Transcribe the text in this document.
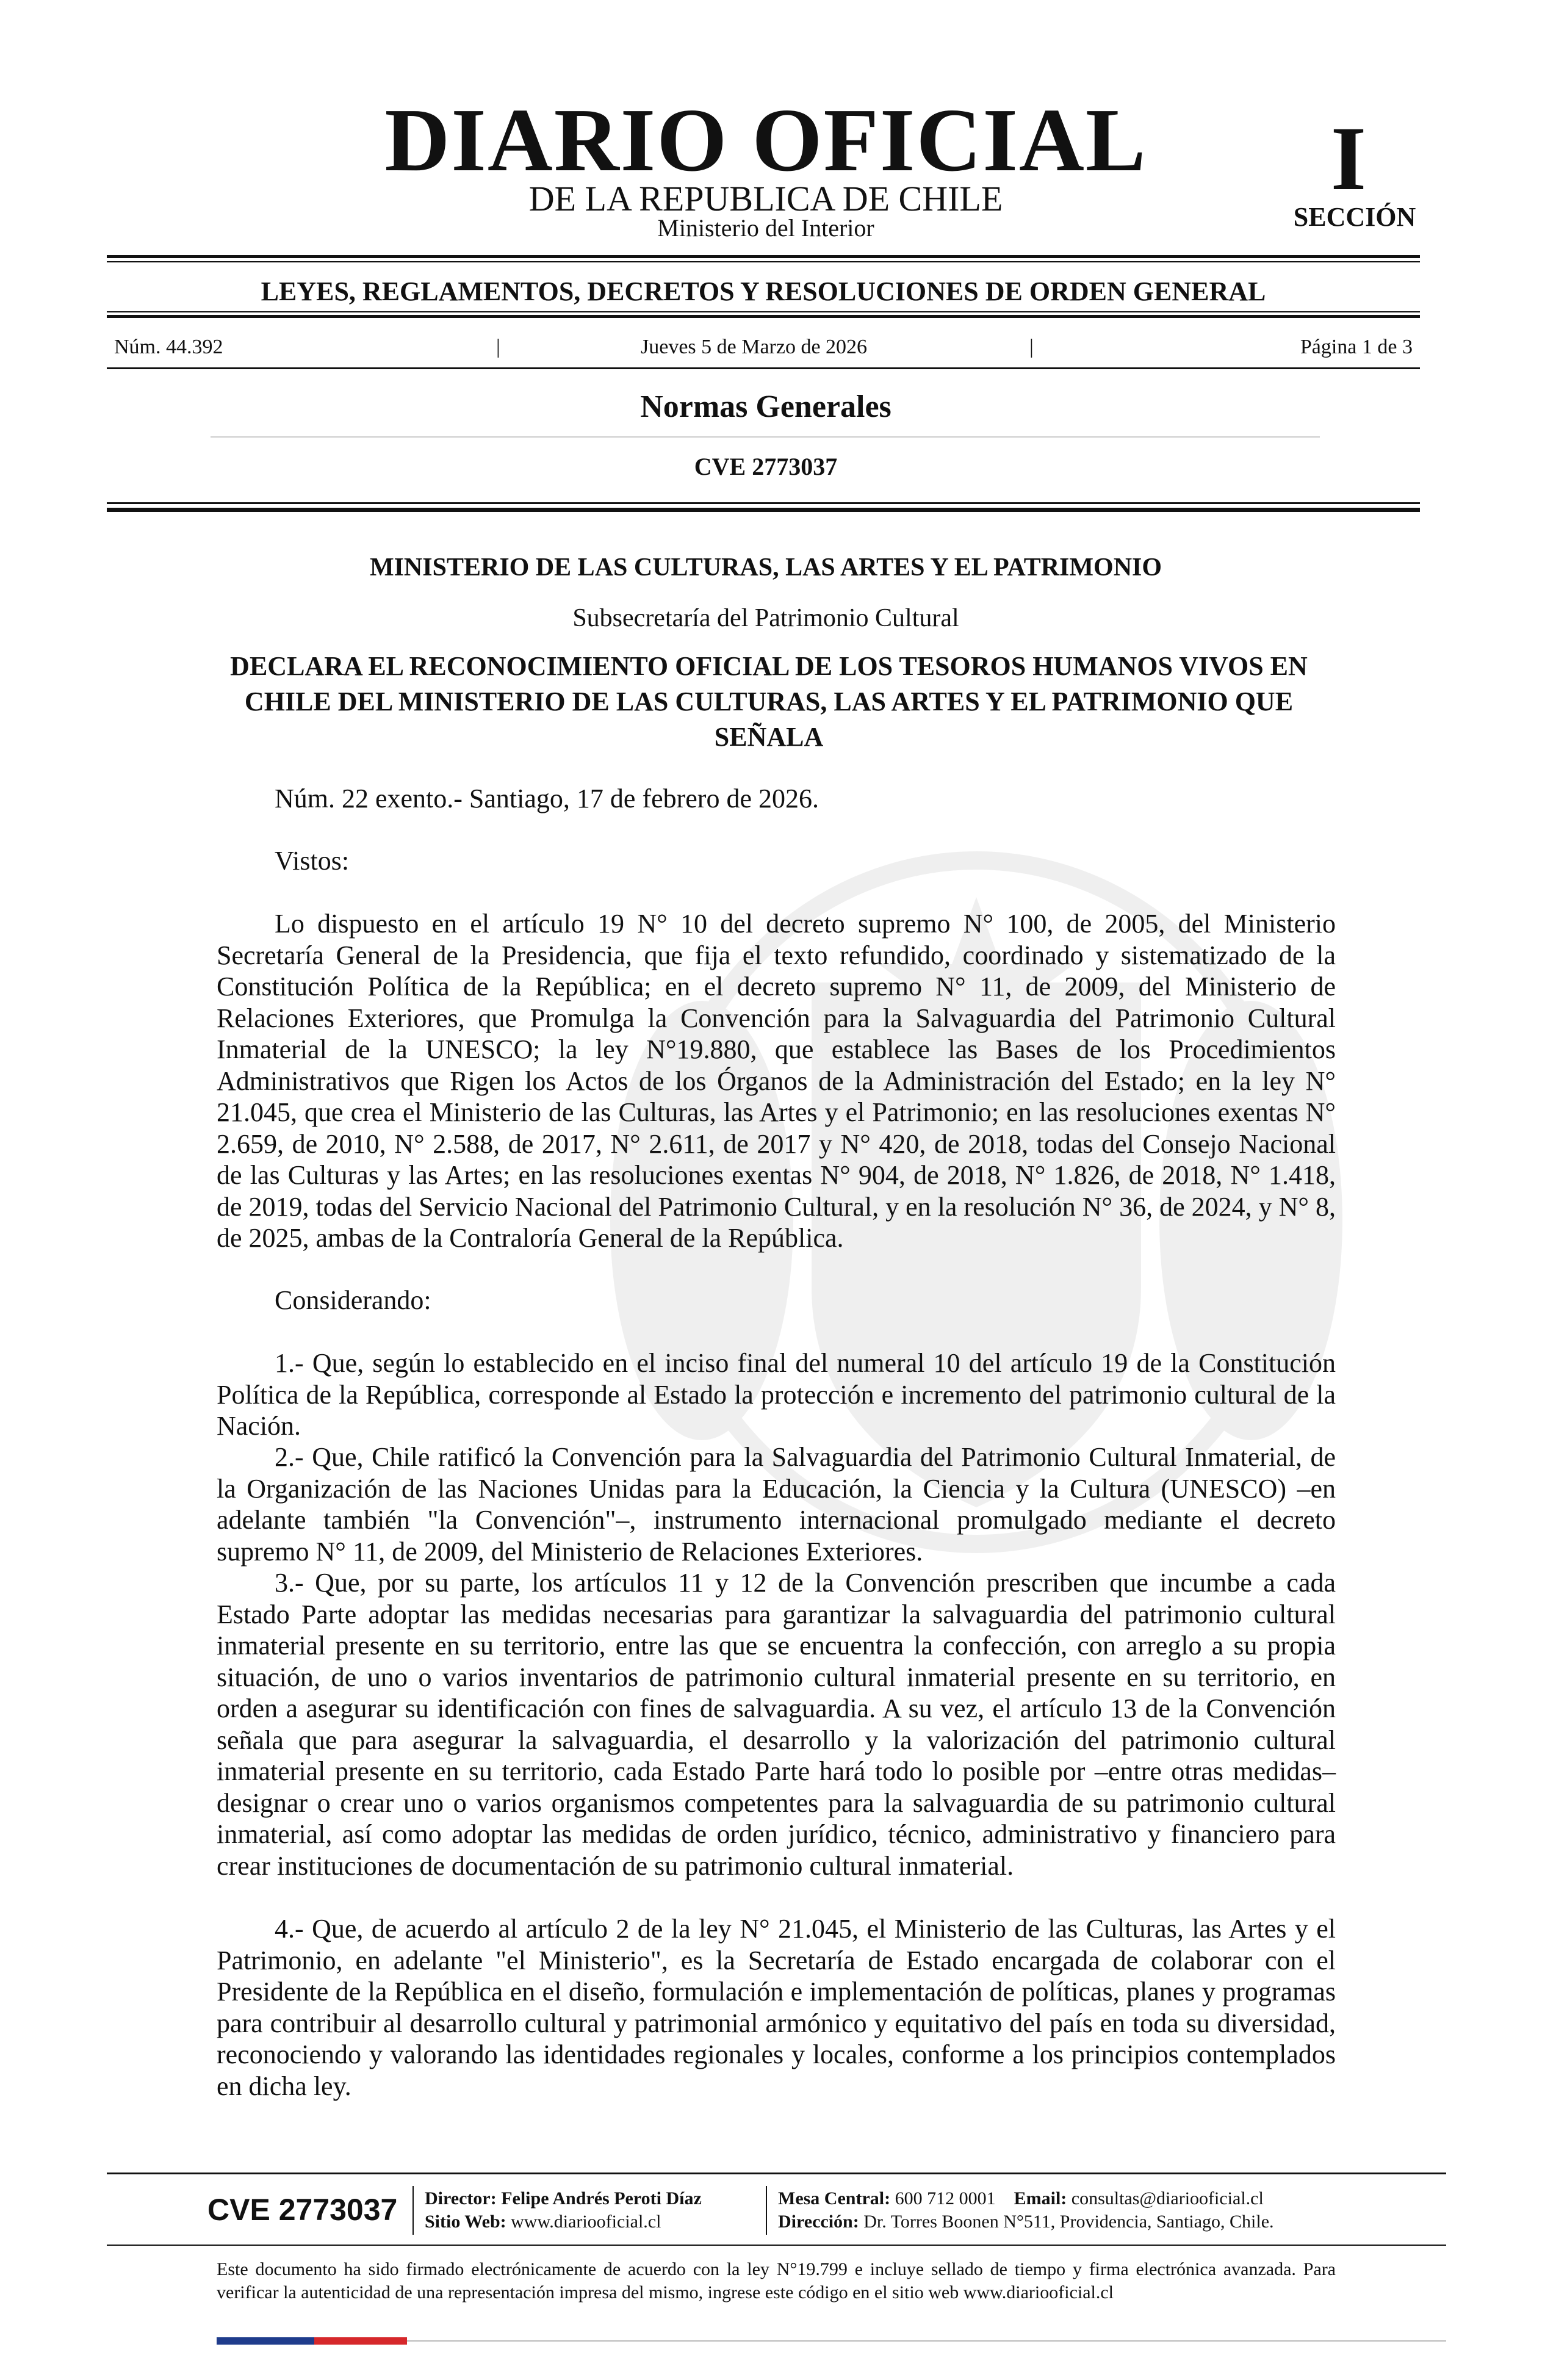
DIARIO OFICIAL
DE LA REPUBLICA DE CHILE
Ministerio del Interior
I
SECCIÓN
LEYES, REGLAMENTOS, DECRETOS Y RESOLUCIONES DE ORDEN GENERAL
Núm. 44.392	|	Jueves 5 de Marzo de 2026	|	Página 1 de 3
Normas Generales
CVE 2773037
MINISTERIO DE LAS CULTURAS, LAS ARTES Y EL PATRIMONIO
Subsecretaría del Patrimonio Cultural
DECLARA EL RECONOCIMIENTO OFICIAL DE LOS TESOROS HUMANOS VIVOS EN CHILE DEL MINISTERIO DE LAS CULTURAS, LAS ARTES Y EL PATRIMONIO QUE SEÑALA
Núm. 22 exento.- Santiago, 17 de febrero de 2026.
Vistos:
Lo dispuesto en el artículo 19 N° 10 del decreto supremo N° 100, de 2005, del Ministerio Secretaría General de la Presidencia, que fija el texto refundido, coordinado y sistematizado de la Constitución Política de la República; en el decreto supremo N° 11, de 2009, del Ministerio de Relaciones Exteriores, que Promulga la Convención para la Salvaguardia del Patrimonio Cultural Inmaterial de la UNESCO; la ley N°19.880, que establece las Bases de los Procedimientos Administrativos que Rigen los Actos de los Órganos de la Administración del Estado; en la ley N° 21.045, que crea el Ministerio de las Culturas, las Artes y el Patrimonio; en las resoluciones exentas N° 2.659, de 2010, N° 2.588, de 2017, N° 2.611, de 2017 y N° 420, de 2018, todas del Consejo Nacional de las Culturas y las Artes; en las resoluciones exentas N° 904, de 2018, N° 1.826, de 2018, N° 1.418, de 2019, todas del Servicio Nacional del Patrimonio Cultural, y en la resolución N° 36, de 2024, y N° 8, de 2025, ambas de la Contraloría General de la República.
Considerando:
1.- Que, según lo establecido en el inciso final del numeral 10 del artículo 19 de la Constitución Política de la República, corresponde al Estado la protección e incremento del patrimonio cultural de la Nación.
2.- Que, Chile ratificó la Convención para la Salvaguardia del Patrimonio Cultural Inmaterial, de la Organización de las Naciones Unidas para la Educación, la Ciencia y la Cultura (UNESCO) –en adelante también "la Convención"–, instrumento internacional promulgado mediante el decreto supremo N° 11, de 2009, del Ministerio de Relaciones Exteriores.
3.- Que, por su parte, los artículos 11 y 12 de la Convención prescriben que incumbe a cada Estado Parte adoptar las medidas necesarias para garantizar la salvaguardia del patrimonio cultural inmaterial presente en su territorio, entre las que se encuentra la confección, con arreglo a su propia situación, de uno o varios inventarios de patrimonio cultural inmaterial presente en su territorio, en orden a asegurar su identificación con fines de salvaguardia. A su vez, el artículo 13 de la Convención señala que para asegurar la salvaguardia, el desarrollo y la valorización del patrimonio cultural inmaterial presente en su territorio, cada Estado Parte hará todo lo posible por –entre otras medidas– designar o crear uno o varios organismos competentes para la salvaguardia de su patrimonio cultural inmaterial, así como adoptar las medidas de orden jurídico, técnico, administrativo y financiero para crear instituciones de documentación de su patrimonio cultural inmaterial.
4.- Que, de acuerdo al artículo 2 de la ley N° 21.045, el Ministerio de las Culturas, las Artes y el Patrimonio, en adelante "el Ministerio", es la Secretaría de Estado encargada de colaborar con el Presidente de la República en el diseño, formulación e implementación de políticas, planes y programas para contribuir al desarrollo cultural y patrimonial armónico y equitativo del país en toda su diversidad, reconociendo y valorando las identidades regionales y locales, conforme a los principios contemplados en dicha ley.
CVE 2773037 Director: Felipe Andrés Peroti Díaz
Sitio Web: www.diariooficial.cl
Mesa Central: 600 712 0001 Email: consultas@diariooficial.cl
Dirección: Dr. Torres Boonen N°511, Providencia, Santiago, Chile.
Este documento ha sido firmado electrónicamente de acuerdo con la ley N°19.799 e incluye sellado de tiempo y firma electrónica avanzada. Para verificar la autenticidad de una representación impresa del mismo, ingrese este código en el sitio web www.diariooficial.cl
